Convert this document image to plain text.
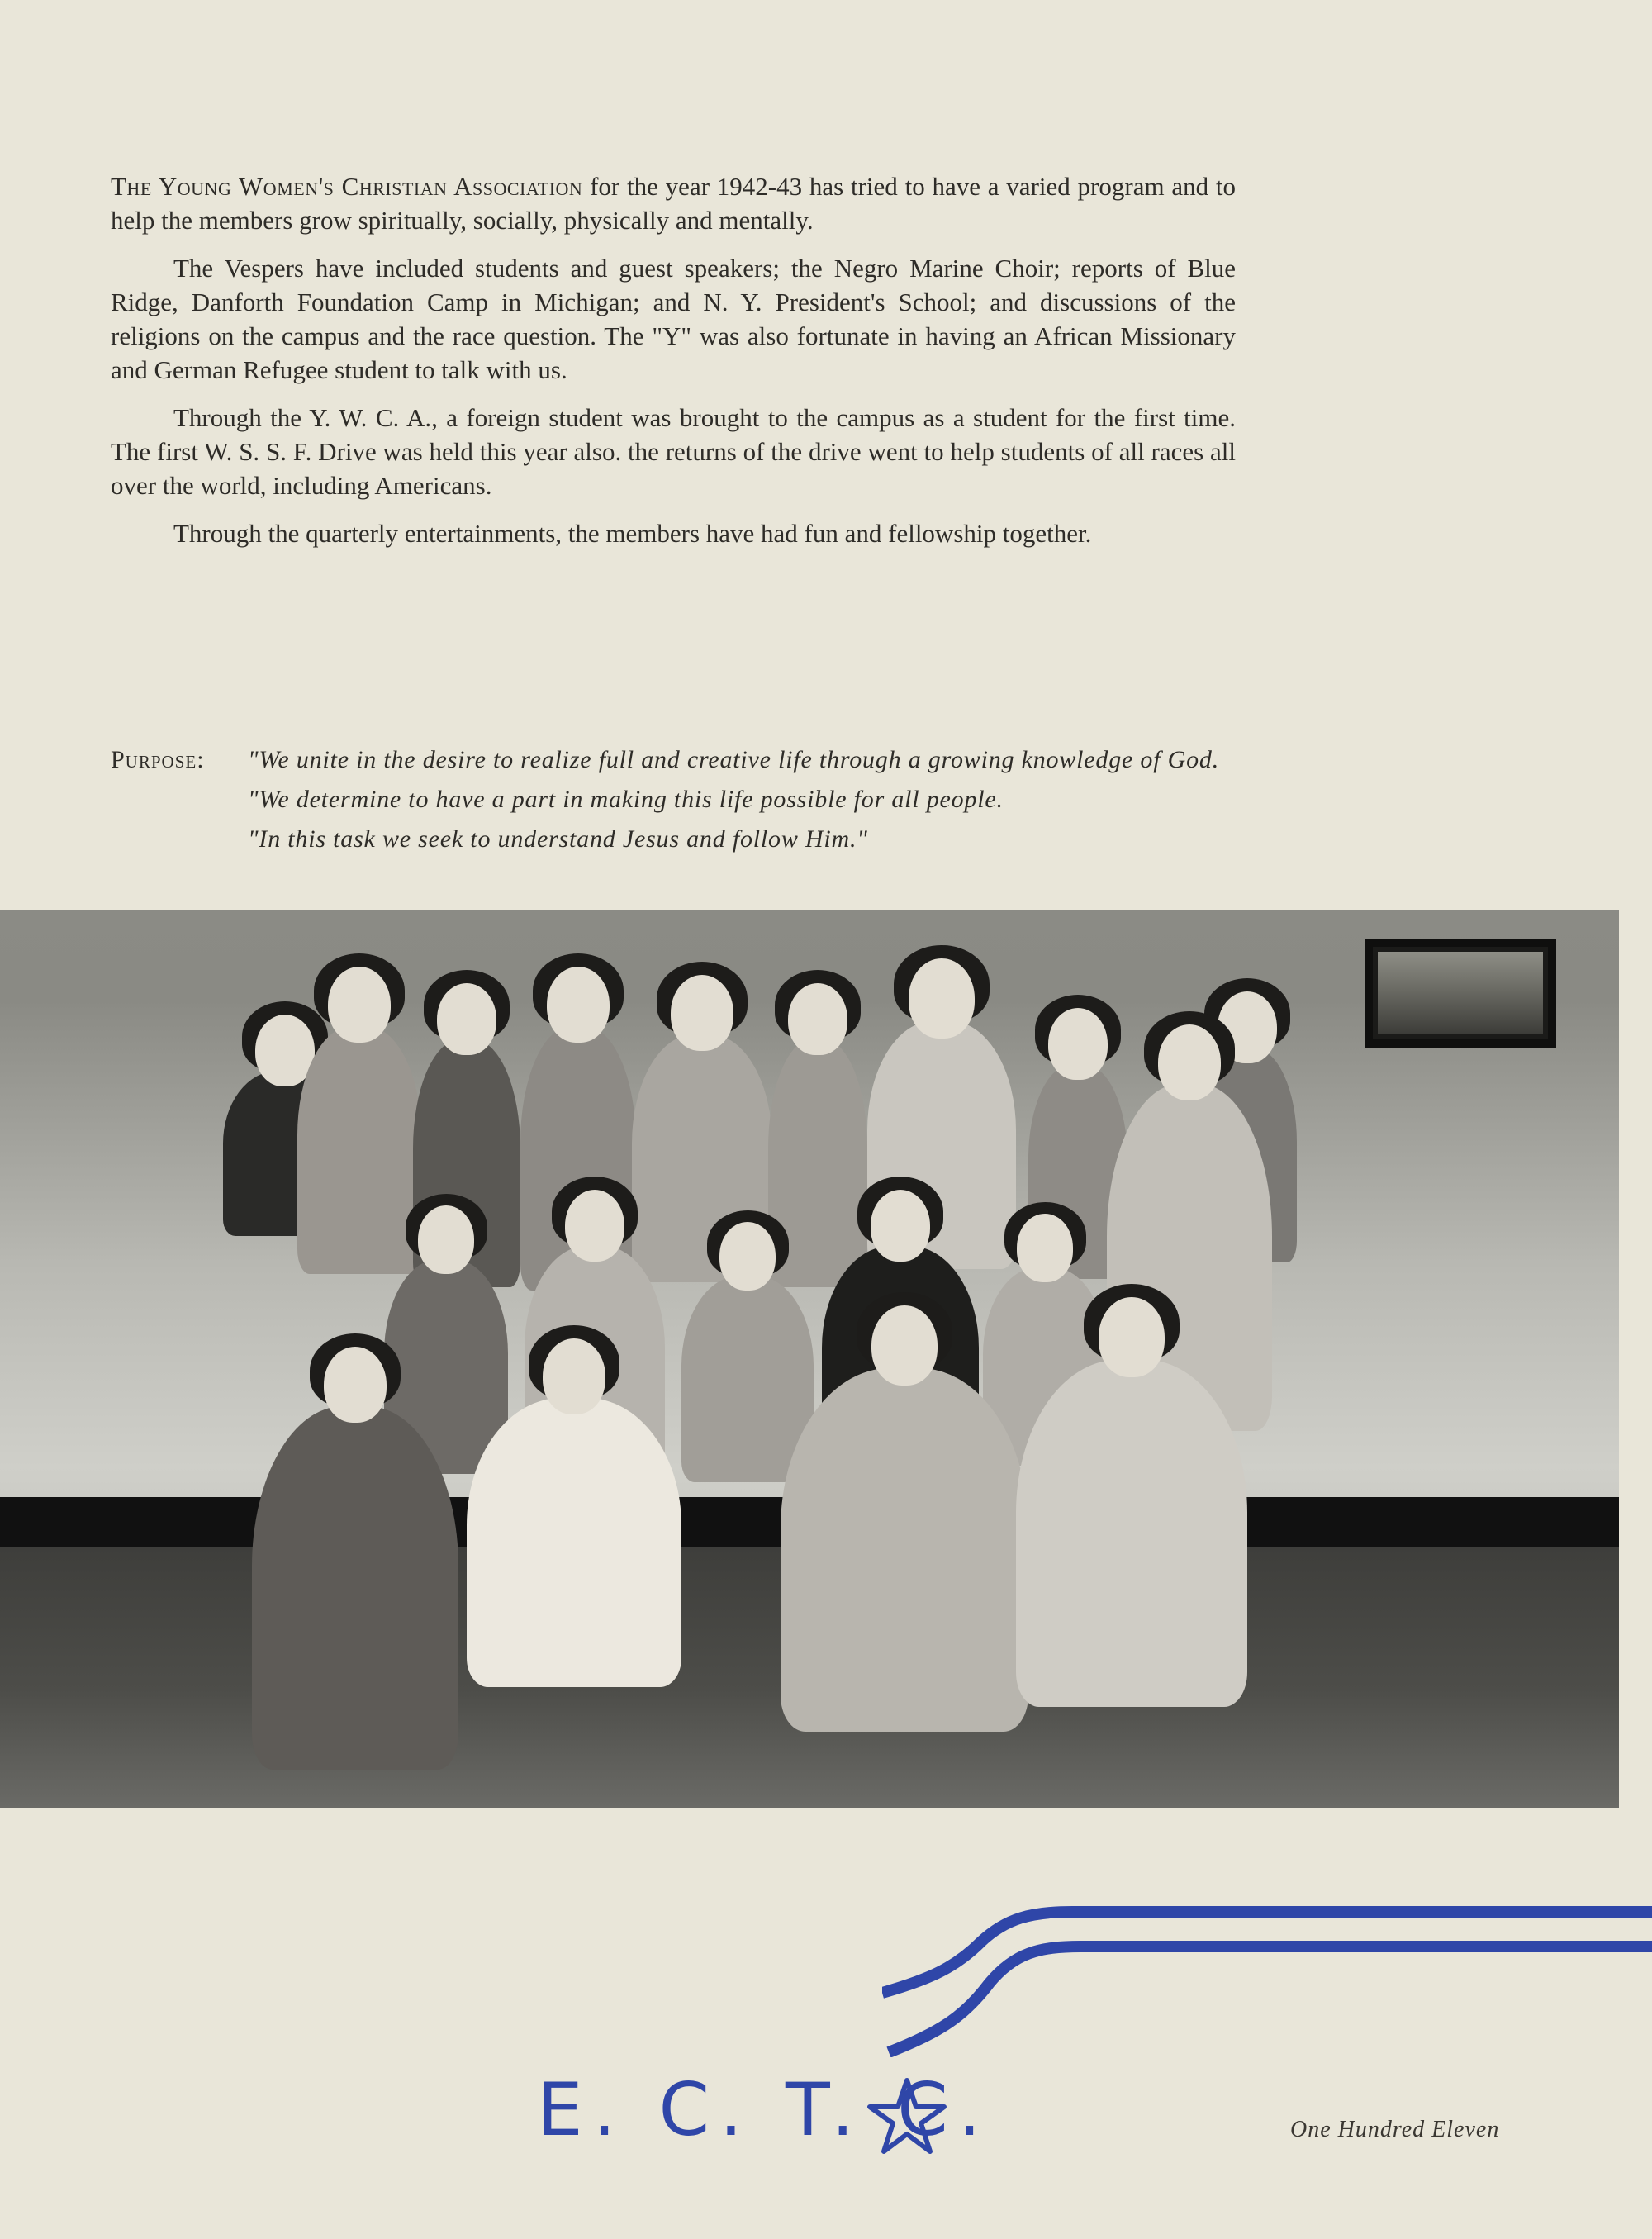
The Young Women's Christian Association for the year 1942-43 has tried to have a varied program and to help the members grow spiritually, socially, physically and mentally.

The Vespers have included students and guest speakers; the Negro Marine Choir; reports of Blue Ridge, Danforth Foundation Camp in Michigan; and N. Y. President's School; and discussions of the religions on the campus and the race question. The "Y" was also fortunate in having an African Missionary and German Refugee student to talk with us.

Through the Y. W. C. A., a foreign student was brought to the campus as a student for the first time. The first W. S. S. F. Drive was held this year also. the returns of the drive went to help students of all races all over the world, including Americans.

Through the quarterly entertainments, the members have had fun and fellowship together.

Purpose: "We unite in the desire to realize full and creative life through a growing knowledge of God.
"We determine to have a part in making this life possible for all people.
"In this task we seek to understand Jesus and follow Him."
E. C. T. C.	One Hundred Eleven
